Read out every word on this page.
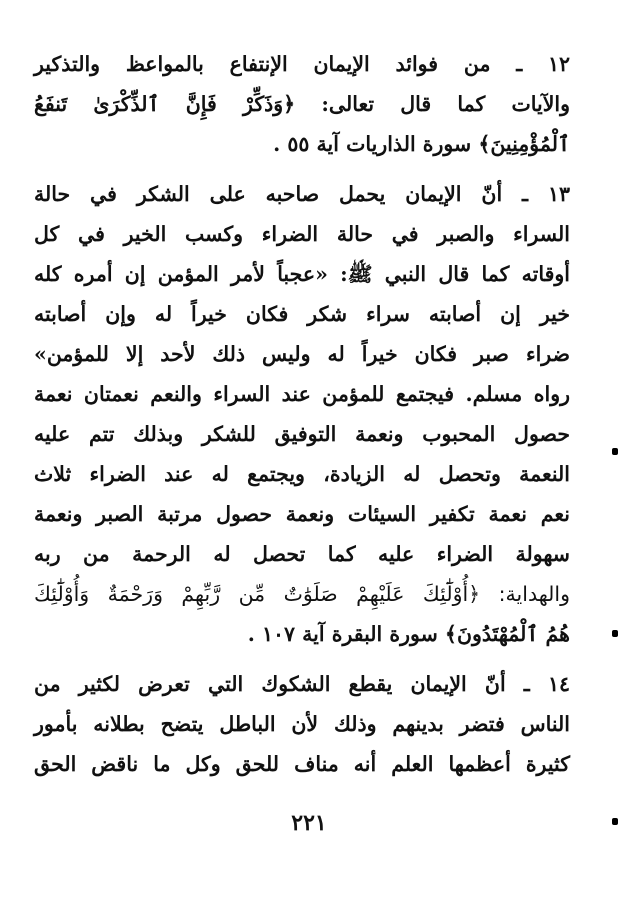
١٢ ـ من فوائد الإيمان الإنتفاع بالمواعظ والتذكير
والآيات كما قال تعالى: ﴿وَذَكِّرْ فَإِنَّ ٱلذِّكْرَىٰ تَنفَعُ
ٱلْمُؤْمِنِينَ﴾ سورة الذاريات آية ٥٥ .

١٣ ـ أنّ الإيمان يحمل صاحبه على الشكر في حالة
السراء والصبر في حالة الضراء وكسب الخير في كل
أوقاته كما قال النبي ﷺ: «عجباً لأمر المؤمن إن أمره كله
خير إن أصابته سراء شكر فكان خيراً له وإن أصابته
ضراء صبر فكان خيراً له وليس ذلك لأحد إلا للمؤمن»
رواه مسلم. فيجتمع للمؤمن عند السراء والنعم نعمتان نعمة
حصول المحبوب ونعمة التوفيق للشكر وبذلك تتم عليه
النعمة وتحصل له الزيادة، ويجتمع له عند الضراء ثلاث
نعم نعمة تكفير السيئات ونعمة حصول مرتبة الصبر ونعمة
سهولة الضراء عليه كما تحصل له الرحمة من ربه
والهداية: ﴿أُوْلَٰٓئِكَ عَلَيْهِمْ صَلَوَٰتٌ مِّن رَّبِّهِمْ وَرَحْمَةٌ وَأُوْلَٰٓئِكَ
هُمُ ٱلْمُهْتَدُونَ﴾ سورة البقرة آية ١٠٧ .

١٤ ـ أنّ الإيمان يقطع الشكوك التي تعرض لكثير من
الناس فتضر بدينهم وذلك لأن الباطل يتضح بطلانه بأمور
كثيرة أعظمها العلم أنه مناف للحق وكل ما ناقض الحق

٢٢١
